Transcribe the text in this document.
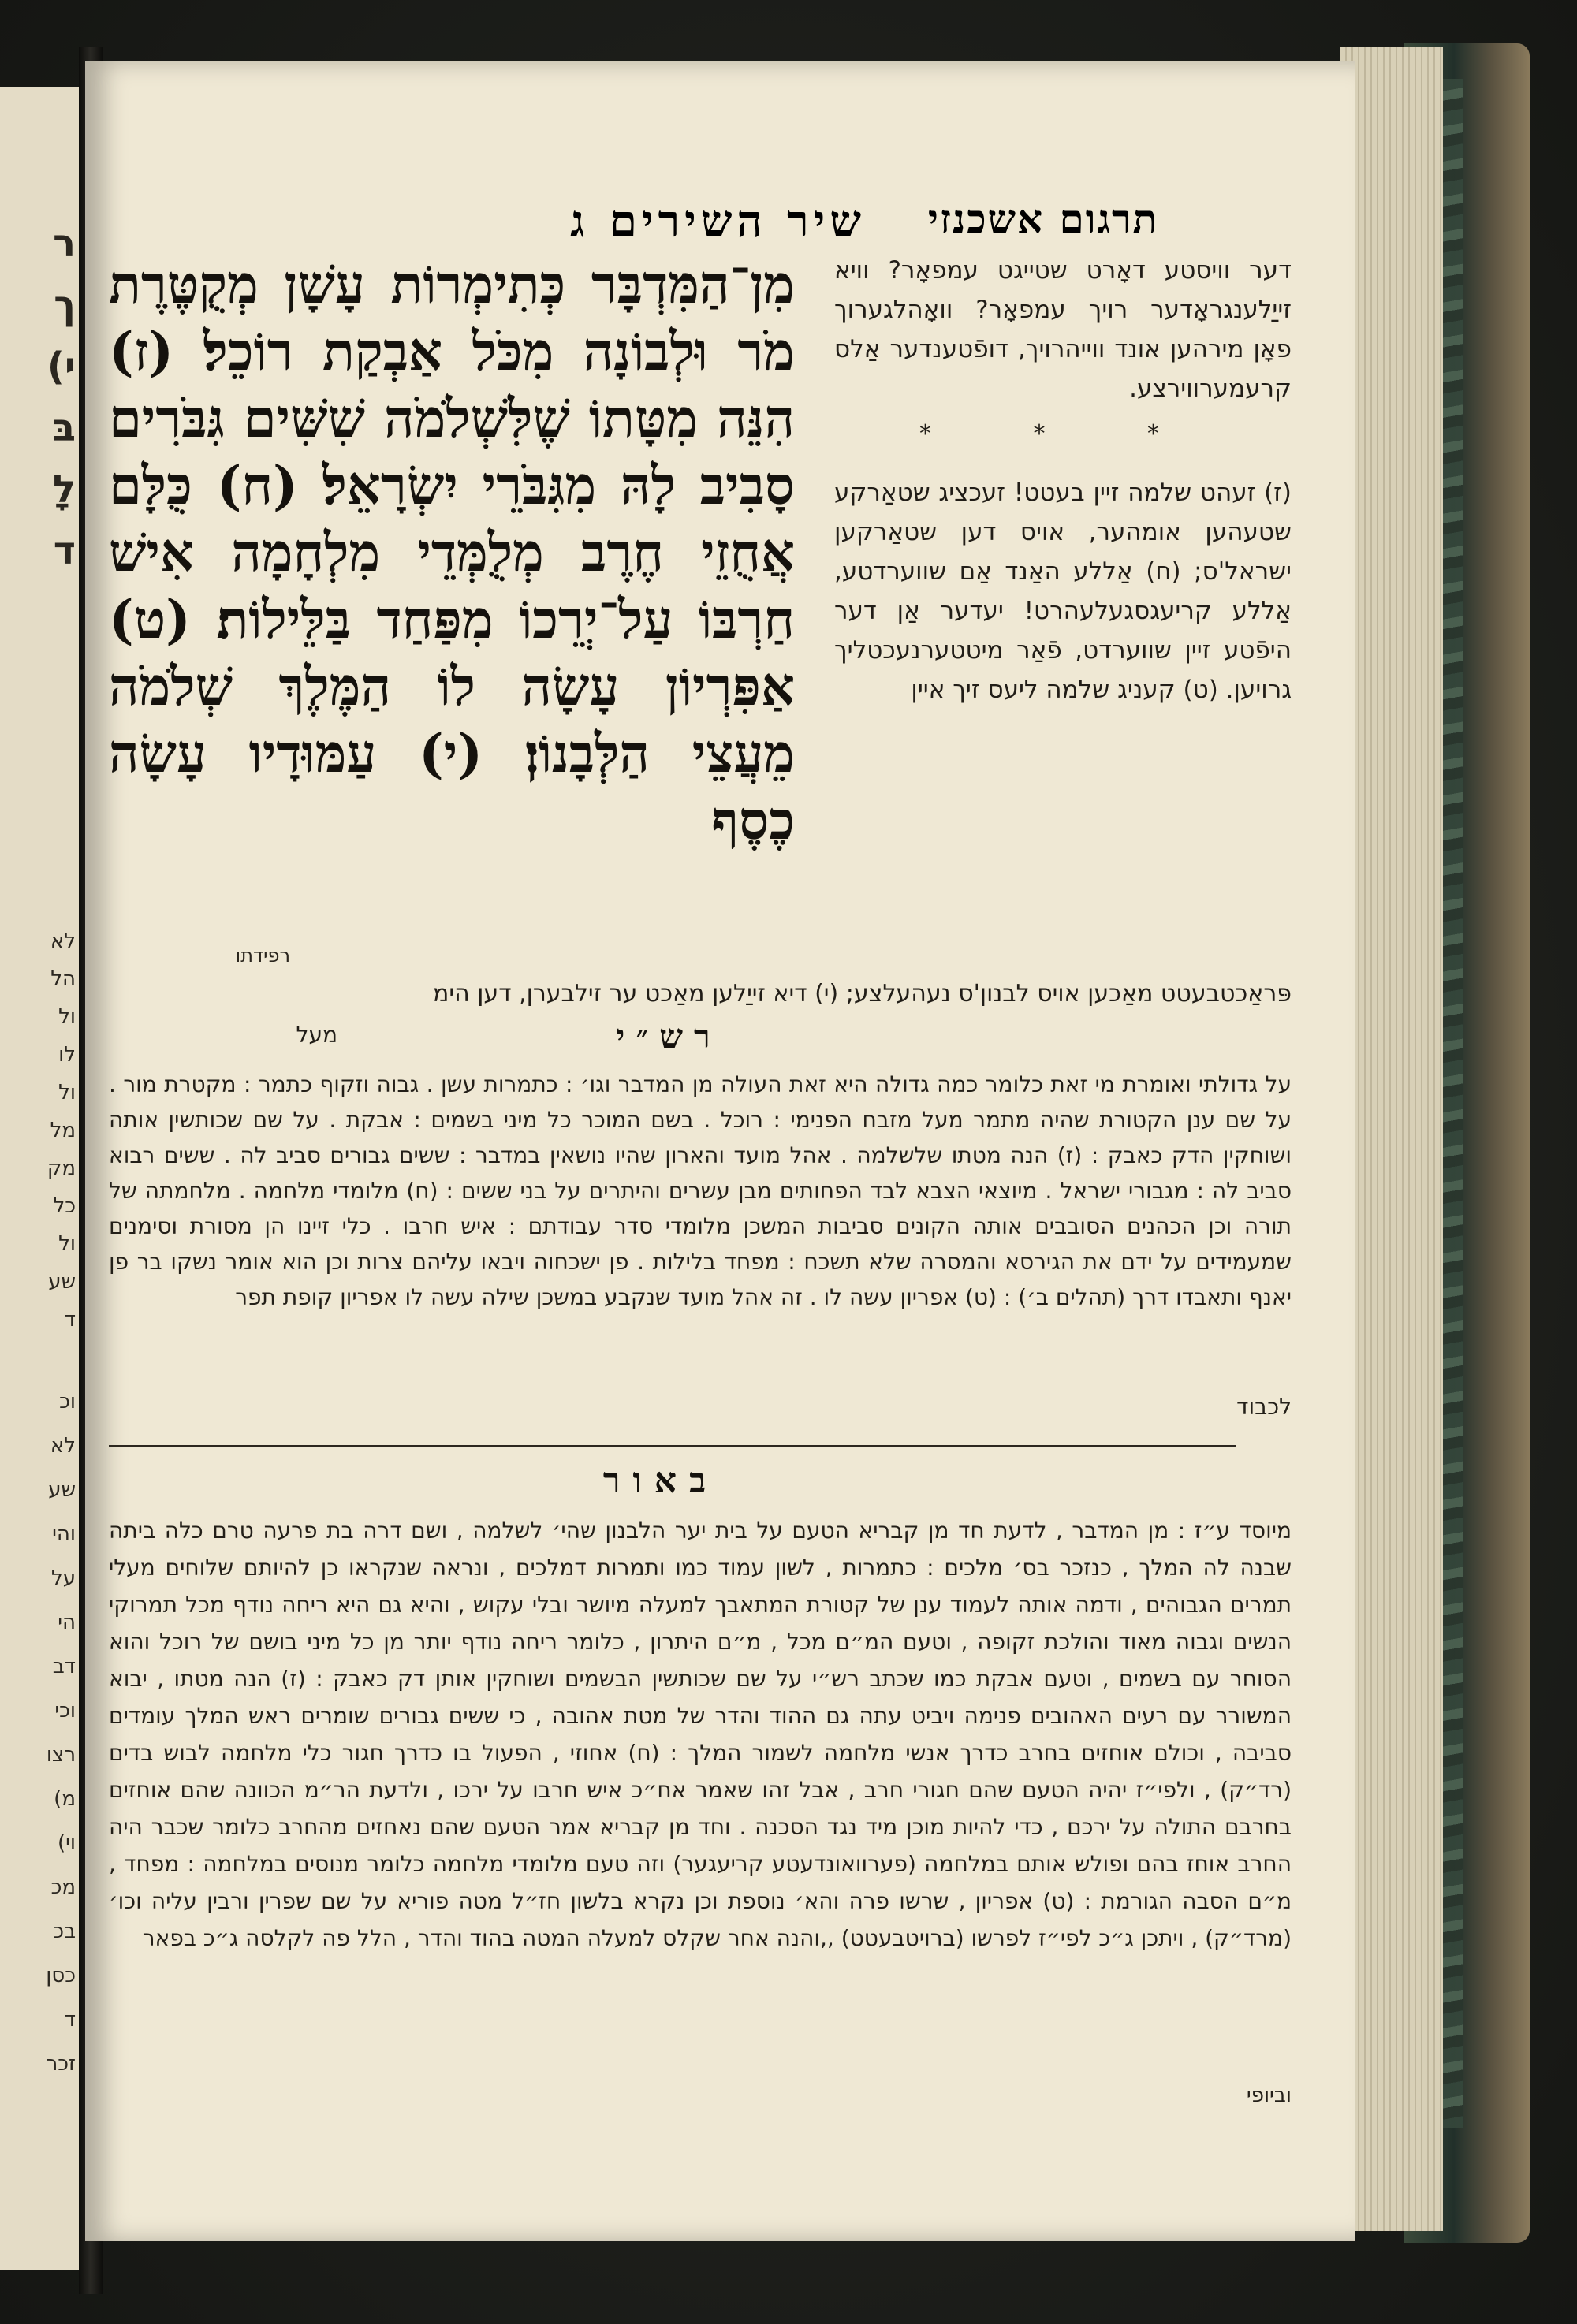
ר
ך
(י
בּ
לָ
ד
לא
הל
ול
לו
ול
מל
מק
כל
ול
שע
ד
וכ
לא
שע
והי
על
הי
דב
וכי
רצו
(מ
(וי
מכ
בכ
כסן
ד
זכר
שיר השירים ג	תרגום אשכנזי
מִן־הַמִּדְבָּר כְּתִימְרוֹת עָשָׁן מְקֻטֶּרֶת מֹר וּלְבוֹנָה מִכֹּל אַבְקַת רוֹכֵל׃ (ז) הִנֵּה מִטָּתוֹ שֶׁלִּשְׁלֹמֹה שִׁשִּׁים גִּבֹּרִים סָבִיב לָהּ מִגִּבֹּרֵי יִשְׂרָאֵל׃ (ח) כֻּלָּם אֲחֻזֵי חֶרֶב מְלֻמְּדֵי מִלְחָמָה אִישׁ חַרְבּוֹ עַל־יְרֵכוֹ מִפַּחַד בַּלֵּילוֹת׃ (ט) אַפִּרְיוֹן עָשָׂה לוֹ הַמֶּלֶךְ שְׁלֹמֹה מֵעֲצֵי הַלְּבָנוֹן׃ (י) עַמּוּדָיו עָשָׂה כֶסֶף
דער וויסטע דאָרט שטייגט עמפאָר? וויא זייַלענגראָדער רויך עמפאָר? וואָהלגערוך פאָן מירהען אונד ווייהרויך, דופֿטענדער אַלס קרעמערווירצע.
* * *
(ז) זעהט שלמה זיין בעטט! זעכציג שטאַרקע שטעהען אומהער, אויס דען שטאַרקען ישראל'ס; (ח) אַללע האַנד אַם שווערדטע, אַללע קריעגסגעלעהרט! יעדער אַן דער היפֿטע זיין שווערדט, פֿאַר מיטטערנעכטליך גרויען. (ט) קעניג שלמה ליעס זיך איין
רפידתו
פּראַכטבעטט מאַכען אויס לבנון'ס נעהעלצע; (י) דיא זייַלען מאַכט ער זילבערן, דען הימ
רש״י
מעל
על גדולתי ואומרת מי זאת כלומר כמה גדולה היא זאת העולה מן המדבר וגו׳ : כתמרות עשן . גבוה וזקוף כתמר : מקטרת מור . על שם ענן הקטורת שהיה מתמר מעל מזבח הפנימי : רוכל . בשם המוכר כל מיני בשמים : אבקת . על שם שכותשין אותה ושוחקין הדק כאבק : (ז) הנה מטתו שלשלמה . אהל מועד והארון שהיו נושאין במדבר : ששים גבורים סביב לה . ששים רבוא סביב לה : מגבורי ישראל . מיוצאי הצבא לבד הפחותים מבן עשרים והיתרים על בני ששים : (ח) מלומדי מלחמה . מלחמתה של תורה וכן הכהנים הסובבים אותה הקונים סביבות המשכן מלומדי סדר עבודתם : איש חרבו . כלי זיינו הן מסורת וסימנים שמעמידים על ידם את הגירסא והמסרה שלא תשכח : מפחד בלילות . פן ישכחוה ויבאו עליהם צרות וכן הוא אומר נשקו בר פן יאנף ותאבדו דרך (תהלים ב׳) : (ט) אפריון עשה לו . זה אהל מועד שנקבע במשכן שילה עשה לו אפריון קופת תפר
לכבוד
באור
מיוסד ע״ז : מן המדבר , לדעת חד מן קבריא הטעם על בית יער הלבנון שהי׳ לשלמה , ושם דרה בת פרעה טרם כלה ביתה שבנה לה המלך , כנזכר בס׳ מלכים : כתמרות , לשון עמוד כמו ותמרות דמלכים , ונראה שנקראו כן להיותם שלוחים מעלי תמרים הגבוהים , ודמה אותה לעמוד ענן של קטורת המתאבך למעלה מיושר ובלי עקוש , והיא גם היא ריחה נודף מכל תמרוקי הנשים וגבוה מאוד והולכת זקופה , וטעם המ״ם מכל , מ״ם היתרון , כלומר ריחה נודף יותר מן כל מיני בושם של רוכל והוא הסוחר עם בשמים , וטעם אבקת כמו שכתב רש״י על שם שכותשין הבשמים ושוחקין אותן דק כאבק : (ז) הנה מטתו , יבוא המשורר עם רעים האהובים פנימה ויביט עתה גם ההוד והדר של מטת אהובה , כי ששים גבורים שומרים ראש המלך עומדים סביבה , וכולם אוחזים בחרב כדרך אנשי מלחמה לשמור המלך : (ח) אחוזי , הפעול בו כדרך חגור כלי מלחמה לבוש בדים (רד״ק) , ולפי״ז יהיה הטעם שהם חגורי חרב , אבל זהו שאמר אח״כ איש חרבו על ירכו , ולדעת הר״מ הכוונה שהם אוחזים בחרבם התולה על ירכם , כדי להיות מוכן מיד נגד הסכנה . וחד מן קבריא אמר הטעם שהם נאחזים מהחרב כלומר שכבר היה החרב אוחז בהם ופולש אותם במלחמה (פערוואונדעטע קריעגער) וזה טעם מלומדי מלחמה כלומר מנוסים במלחמה : מפחד , מ״ם הסבה הגורמת : (ט) אפריון , שרשו פרה והא׳ נוספת וכן נקרא בלשון חז״ל מטה פוריא על שם שפרין ורבין עליה וכו׳ (מרד״ק) , ויתכן ג״כ לפי״ז לפרשו (ברויטבעטט) ,,והנה אחר שקלס למעלה המטה בהוד והדר , הלל פה לקלסה ג״כ בפאר
וביופי
